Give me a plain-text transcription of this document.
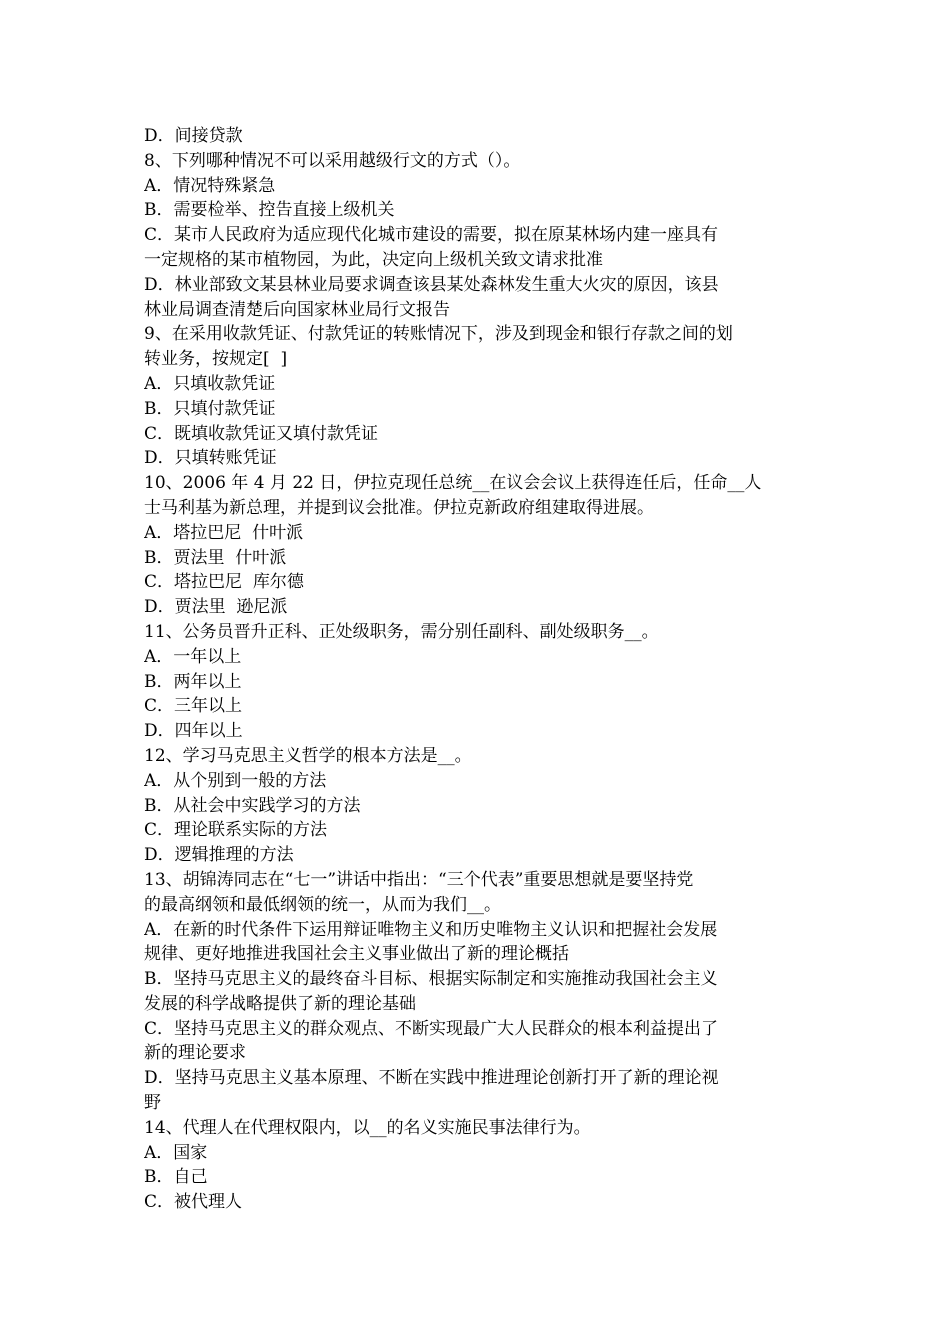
D．间接贷款
8、下列哪种情况不可以采用越级行文的方式（）。
A．情况特殊紧急
B．需要检举、控告直接上级机关
C．某市人民政府为适应现代化城市建设的需要，拟在原某林场内建一座具有
一定规格的某市植物园，为此，决定向上级机关致文请求批准
D．林业部致文某县林业局要求调查该县某处森林发生重大火灾的原因，该县
林业局调查清楚后向国家林业局行文报告
9、在采用收款凭证、付款凭证的转账情况下，涉及到现金和银行存款之间的划
转业务，按规定[  ]
A．只填收款凭证
B．只填付款凭证
C．既填收款凭证又填付款凭证
D．只填转账凭证
10、2006 年 4 月 22 日，伊拉克现任总统__在议会会议上获得连任后，任命__人
士马利基为新总理，并提到议会批准。伊拉克新政府组建取得进展。
A．塔拉巴尼  什叶派
B．贾法里  什叶派
C．塔拉巴尼  库尔德
D．贾法里  逊尼派
11、公务员晋升正科、正处级职务，需分别任副科、副处级职务__。
A．一年以上
B．两年以上
C．三年以上
D．四年以上
12、学习马克思主义哲学的根本方法是__。
A．从个别到一般的方法
B．从社会中实践学习的方法
C．理论联系实际的方法
D．逻辑推理的方法
13、胡锦涛同志在“七一”讲话中指出：“三个代表”重要思想就是要坚持党
的最高纲领和最低纲领的统一，从而为我们__。
A．在新的时代条件下运用辩证唯物主义和历史唯物主义认识和把握社会发展
规律、更好地推进我国社会主义事业做出了新的理论概括
B．坚持马克思主义的最终奋斗目标、根据实际制定和实施推动我国社会主义
发展的科学战略提供了新的理论基础
C．坚持马克思主义的群众观点、不断实现最广大人民群众的根本利益提出了
新的理论要求
D．坚持马克思主义基本原理、不断在实践中推进理论创新打开了新的理论视
野
14、代理人在代理权限内，以__的名义实施民事法律行为。
A．国家
B．自己
C．被代理人
